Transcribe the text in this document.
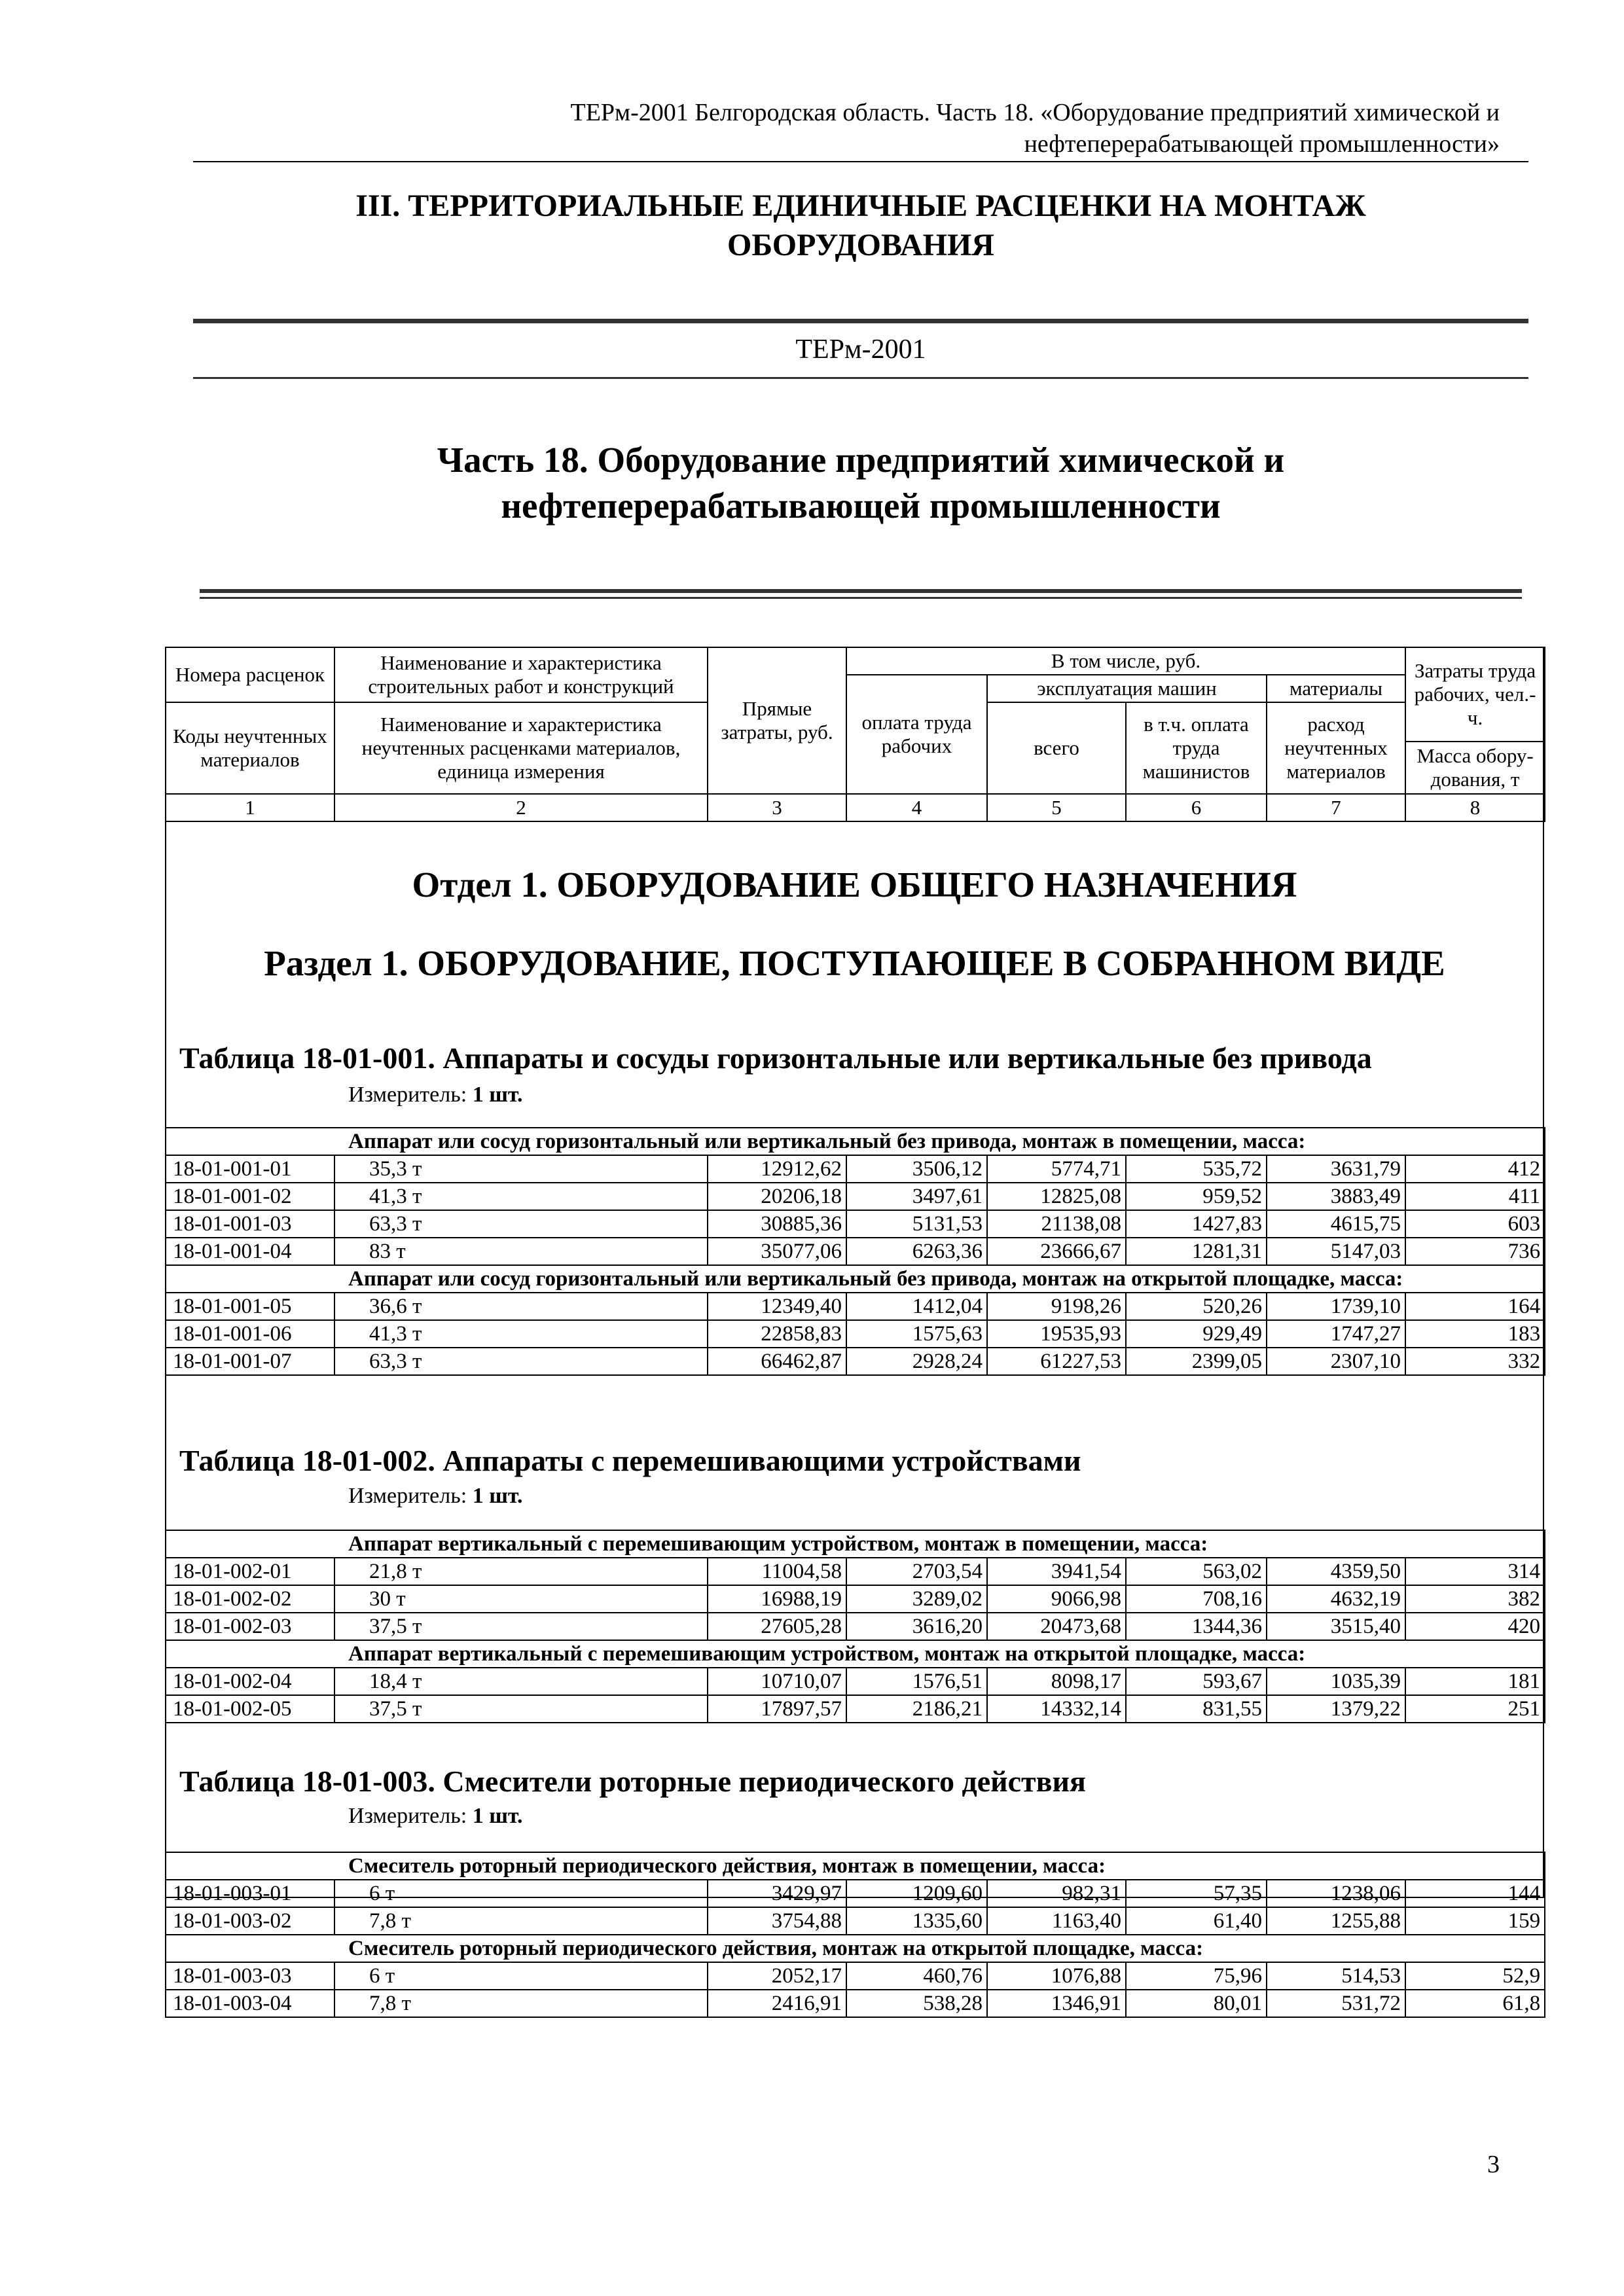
ТЕРм-2001 Белгородская область. Часть 18. «Оборудование предприятий химической и
нефтеперерабатывающей промышленности»
III. ТЕРРИТОРИАЛЬНЫЕ ЕДИНИЧНЫЕ РАСЦЕНКИ НА МОНТАЖ
ОБОРУДОВАНИЯ
ТЕРм-2001
Часть 18. Оборудование предприятий химической и
нефтеперерабатывающей промышленности
Номера расценок	Наименование и характеристика строительных работ и конструкций	Прямые затраты, руб.	В том числе, руб.				Затраты труда рабочих, чел.-ч.
			оплата труда рабочих	эксплуатация машин		материалы	
Коды неучтенных материалов	Наименование и характеристика неучтенных расценками материалов, единица измерения			всего	в т.ч. оплата труда машинистов	расход неучтенных материалов	
							Масса обору-дования, т
1	2	3	4	5	6	7	8
Отдел 1. ОБОРУДОВАНИЕ ОБЩЕГО НАЗНАЧЕНИЯ
Раздел 1. ОБОРУДОВАНИЕ, ПОСТУПАЮЩЕЕ В СОБРАННОМ ВИДЕ
Таблица 18-01-001. Аппараты и сосуды горизонтальные или вертикальные без привода
Измеритель: 1 шт.
Аппарат или сосуд горизонтальный или вертикальный без привода, монтаж в помещении, масса:							
18-01-001-01	35,3 т	12912,62	3506,12	5774,71	535,72	3631,79	412
18-01-001-02	41,3 т	20206,18	3497,61	12825,08	959,52	3883,49	411
18-01-001-03	63,3 т	30885,36	5131,53	21138,08	1427,83	4615,75	603
18-01-001-04	83 т	35077,06	6263,36	23666,67	1281,31	5147,03	736
Аппарат или сосуд горизонтальный или вертикальный без привода, монтаж на открытой площадке, масса:							
18-01-001-05	36,6 т	12349,40	1412,04	9198,26	520,26	1739,10	164
18-01-001-06	41,3 т	22858,83	1575,63	19535,93	929,49	1747,27	183
18-01-001-07	63,3 т	66462,87	2928,24	61227,53	2399,05	2307,10	332
Таблица 18-01-002. Аппараты с перемешивающими устройствами
Измеритель: 1 шт.
Аппарат вертикальный с перемешивающим устройством, монтаж в помещении, масса:							
18-01-002-01	21,8 т	11004,58	2703,54	3941,54	563,02	4359,50	314
18-01-002-02	30 т	16988,19	3289,02	9066,98	708,16	4632,19	382
18-01-002-03	37,5 т	27605,28	3616,20	20473,68	1344,36	3515,40	420
Аппарат вертикальный с перемешивающим устройством, монтаж на открытой площадке, масса:							
18-01-002-04	18,4 т	10710,07	1576,51	8098,17	593,67	1035,39	181
18-01-002-05	37,5 т	17897,57	2186,21	14332,14	831,55	1379,22	251
Таблица 18-01-003. Смесители роторные периодического действия
Измеритель: 1 шт.
Смеситель роторный периодического действия, монтаж в помещении, масса:							
18-01-003-01	6 т	3429,97	1209,60	982,31	57,35	1238,06	144
18-01-003-02	7,8 т	3754,88	1335,60	1163,40	61,40	1255,88	159
Смеситель роторный периодического действия, монтаж на открытой площадке, масса:							
18-01-003-03	6 т	2052,17	460,76	1076,88	75,96	514,53	52,9
18-01-003-04	7,8 т	2416,91	538,28	1346,91	80,01	531,72	61,8
3
